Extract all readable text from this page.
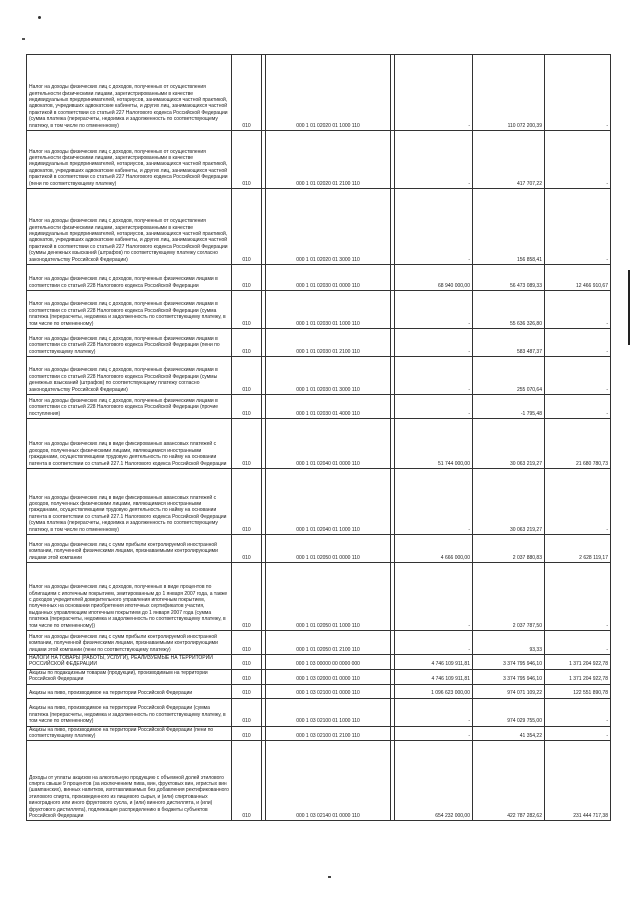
Налог на доходы физических лиц с доходов, полученных от осуществления деятельности физическими лицами, зарегистрированными в качестве индивидуальных предпринимателей, нотариусов, занимающихся частной практикой, адвокатов, учредивших адвокатские кабинеты, и других лиц, занимающихся частной практикой в соответствии со статьей 227 Налогового кодекса Российской Федерации (сумма платежа (перерасчеты, недоимка и задолженность по соответствующему платежу, в том числе по отмененному)	010		000 1 01 02020 01 1000 110		-	110 072 200,39	-
Налог на доходы физических лиц с доходов, полученных от осуществления деятельности физическими лицами, зарегистрированными в качестве индивидуальных предпринимателей, нотариусов, занимающихся частной практикой, адвокатов, учредивших адвокатские кабинеты, и других лиц, занимающихся частной практикой в соответствии со статьей 227 Налогового кодекса Российской Федерации (пени по соответствующему платежу)	010		000 1 01 02020 01 2100 110		-	417 707,22	-
Налог на доходы физических лиц с доходов, полученных от осуществления деятельности физическими лицами, зарегистрированными в качестве индивидуальных предпринимателей, нотариусов, занимающихся частной практикой, адвокатов, учредивших адвокатские кабинеты, и других лиц, занимающихся частной практикой в соответствии со статьей 227 Налогового кодекса Российской Федерации (суммы денежных взысканий (штрафов) по соответствующему платежу согласно законодательству Российской Федерации)	010		000 1 01 02020 01 3000 110		-	156 858,41	-
Налог на доходы физических лиц с доходов, полученных физическими лицами в соответствии со статьей 228 Налогового кодекса Российской Федерации	010		000 1 01 02030 01 0000 110		68 940 000,00	56 473 089,33	12 466 910,67
Налог на доходы физических лиц с доходов, полученных физическими лицами в соответствии со статьей 228 Налогового кодекса Российской Федерации (сумма платежа (перерасчеты, недоимка и задолженность по соответствующему платежу, в том числе по отмененному)	010		000 1 01 02030 01 1000 110		-	55 636 326,80	-
Налог на доходы физических лиц с доходов, полученных физическими лицами в соответствии со статьей 228 Налогового кодекса Российской Федерации (пени по соответствующему платежу)	010		000 1 01 02030 01 2100 110		-	583 487,37	-
Налог на доходы физических лиц с доходов, полученных физическими лицами в соответствии со статьей 228 Налогового кодекса Российской Федерации (суммы денежных взысканий (штрафов) по соответствующему платежу согласно законодательству Российской Федерации)	010		000 1 01 02030 01 3000 110		-	255 070,64	-
Налог на доходы физических лиц с доходов, полученных физическими лицами в соответствии со статьей 228 Налогового кодекса Российской Федерации (прочие поступления)	010		000 1 01 02030 01 4000 110		-	-1 795,48	-
Налог на доходы физических лиц в виде фиксированных авансовых платежей с доходов, полученных физическими лицами, являющимися иностранными гражданами, осуществляющими трудовую деятельность по найму на основании патента в соответствии со статьей 227.1 Налогового кодекса Российской Федерации	010		000 1 01 02040 01 0000 110		51 744 000,00	30 063 219,27	21 680 780,73
Налог на доходы физических лиц в виде фиксированных авансовых платежей с доходов, полученных физическими лицами, являющимися иностранными гражданами, осуществляющими трудовую деятельность по найму на основании патента в соответствии со статьей 227.1 Налогового кодекса Российской Федерации (сумма платежа (перерасчеты, недоимка и задолженность по соответствующему платежу, в том числе по отмененному)	010		000 1 01 02040 01 1000 110		-	30 063 219,27	-
Налог на доходы физических лиц с сумм прибыли контролируемой иностранной компании, полученной физическими лицами, признаваемыми контролирующими лицами этой компании	010		000 1 01 02050 01 0000 110		4 666 000,00	2 037 880,83	2 628 119,17
Налог на доходы физических лиц с доходов, полученных в виде процентов по облигациям с ипотечным покрытием, эмитированным до 1 января 2007 года, а также с доходов учредителей доверительного управления ипотечным покрытием, полученных на основании приобретения ипотечных сертификатов участия, выданных управляющим ипотечным покрытием до 1 января 2007 года (сумма платежа (перерасчеты, недоимка и задолженность по соответствующему платежу, в том числе по отмененному))	010		000 1 01 02050 01 1000 110		-	2 037 787,50	-
Налог на доходы физических лиц с сумм прибыли контролируемой иностранной компании, полученной физическими лицами, признаваемыми контролирующими лицами этой компании (пени по соответствующему платежу)	010		000 1 01 02050 01 2100 110		-	93,33	-
НАЛОГИ НА ТОВАРЫ (РАБОТЫ, УСЛУГИ), РЕАЛИЗУЕМЫЕ НА ТЕРРИТОРИИ РОССИЙСКОЙ ФЕДЕРАЦИИ	010		000 1 03 00000 00 0000 000		4 746 109 911,81	3 374 795 946,10	1 371 204 922,78
Акцизы по подакцизным товарам (продукции), производимым на территории Российской Федерации	010		000 1 03 02000 01 0000 110		4 746 109 911,81	3 374 795 946,10	1 371 204 922,78
Акцизы на пиво, производимое на территории Российской Федерации	010		000 1 03 02100 01 0000 110		1 096 623 000,00	974 071 109,22	122 551 890,78
Акцизы на пиво, производимое на территории Российской Федерации (сумма платежа (перерасчеты, недоимка и задолженность по соответствующему платежу, в том числе по отмененному)	010		000 1 03 02100 01 1000 110		-	974 029 755,00	-
Акцизы на пиво, производимое на территории Российской Федерации (пени по соответствующему платежу)	010		000 1 03 02100 01 2100 110		-	41 354,22	-
Доходы от уплаты акцизов на алкогольную продукцию с объемной долей этилового спирта свыше 9 процентов (за исключением пива, вин, фруктовых вин, игристых вин (шампанских), винных напитков, изготавливаемых без добавления ректификованного этилового спирта, произведенного из пищевого сырья, и (или) спиртованных виноградного или иного фруктового сусла, и (или) винного дистиллята, и (или) фруктового дистиллята), подлежащие распределению в бюджеты субъектов Российской Федерации	010		000 1 03 02140 01 0000 110		654 232 000,00	422 787 282,62	231 444 717,38
